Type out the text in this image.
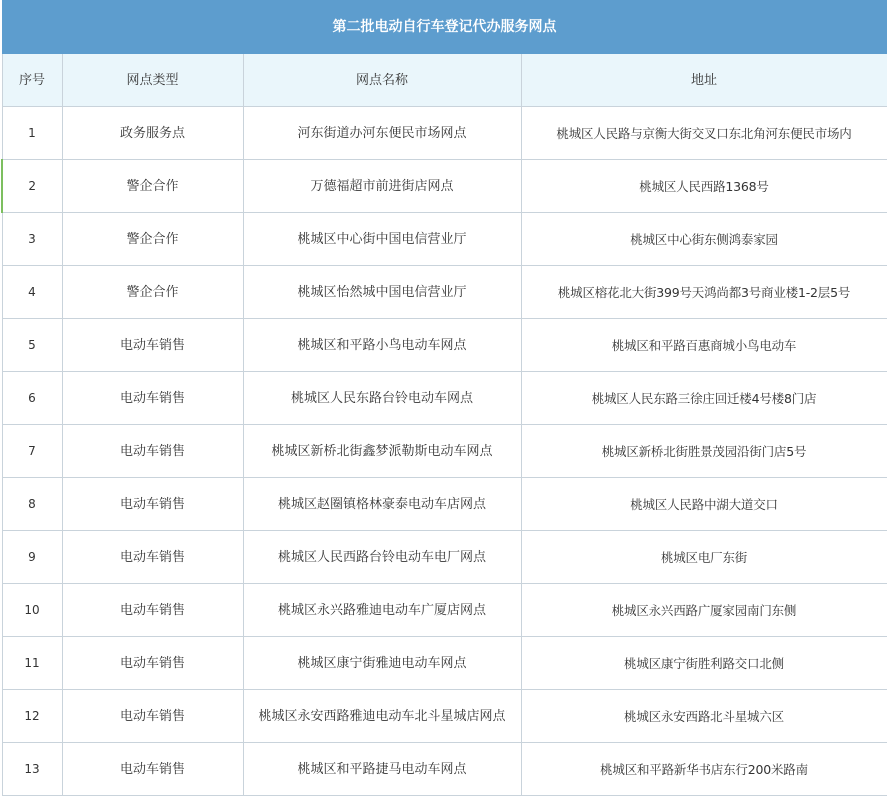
第二批电动自行车登记代办服务网点			
序号	网点类型	网点名称	地址
1	政务服务点	河东街道办河东便民市场网点	桃城区人民路与京衡大街交叉口东北角河东便民市场内
2	警企合作	万德福超市前进街店网点	桃城区人民西路1368号
3	警企合作	桃城区中心街中国电信营业厅	桃城区中心街东侧鸿泰家园
4	警企合作	桃城区怡然城中国电信营业厅	桃城区榕花北大街399号天鸿尚都3号商业楼1-2层5号
5	电动车销售	桃城区和平路小鸟电动车网点	桃城区和平路百惠商城小鸟电动车
6	电动车销售	桃城区人民东路台铃电动车网点	桃城区人民东路三徐庄回迁楼4号楼8门店
7	电动车销售	桃城区新桥北街鑫梦派勒斯电动车网点	桃城区新桥北街胜景茂园沿街门店5号
8	电动车销售	桃城区赵圈镇格林豪泰电动车店网点	桃城区人民路中湖大道交口
9	电动车销售	桃城区人民西路台铃电动车电厂网点	桃城区电厂东街
10	电动车销售	桃城区永兴路雅迪电动车广厦店网点	桃城区永兴西路广厦家园南门东侧
11	电动车销售	桃城区康宁街雅迪电动车网点	桃城区康宁街胜利路交口北侧
12	电动车销售	桃城区永安西路雅迪电动车北斗星城店网点	桃城区永安西路北斗星城六区
13	电动车销售	桃城区和平路捷马电动车网点	桃城区和平路新华书店东行200米路南
